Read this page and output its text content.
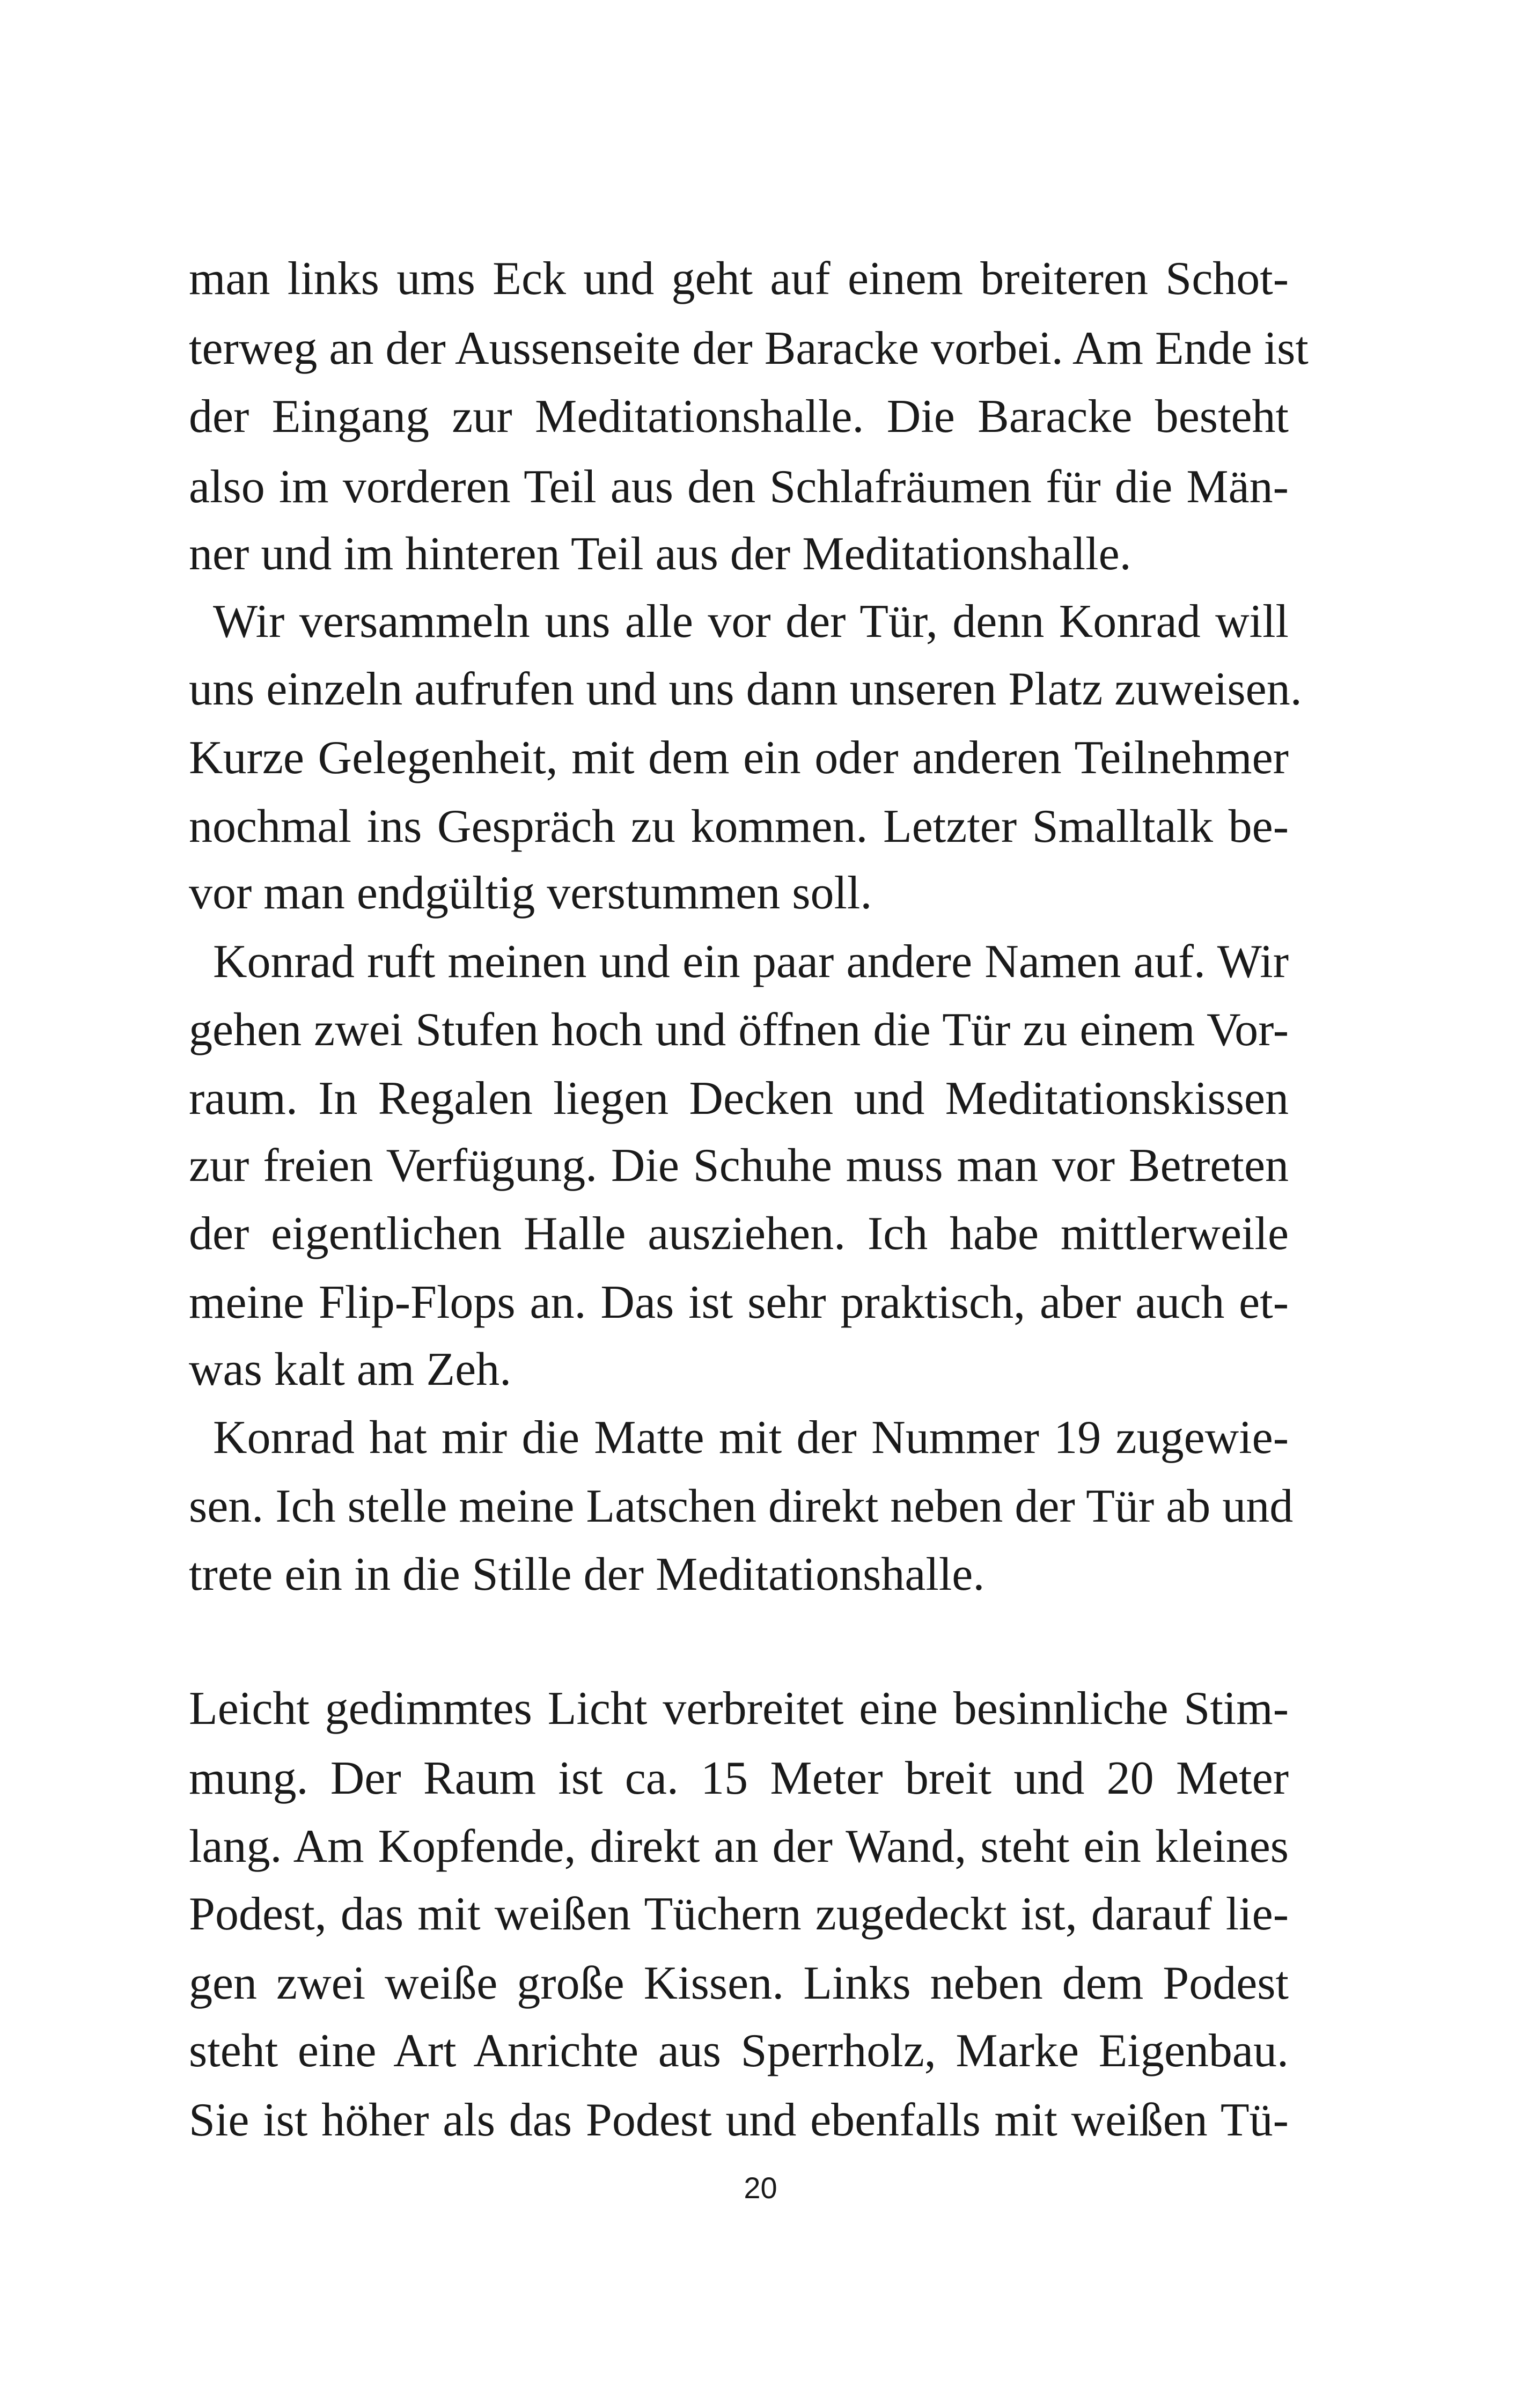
man links ums Eck und geht auf einem breiteren Schot-
terweg an der Aussenseite der Baracke vorbei. Am Ende ist
der Eingang zur Meditationshalle. Die Baracke besteht
also im vorderen Teil aus den Schlafräumen für die Män-
ner und im hinteren Teil aus der Meditationshalle.
Wir versammeln uns alle vor der Tür, denn Konrad will
uns einzeln aufrufen und uns dann unseren Platz zuweisen.
Kurze Gelegenheit, mit dem ein oder anderen Teilnehmer
nochmal ins Gespräch zu kommen. Letzter Smalltalk be-
vor man endgültig verstummen soll.
Konrad ruft meinen und ein paar andere Namen auf. Wir
gehen zwei Stufen hoch und öffnen die Tür zu einem Vor-
raum. In Regalen liegen Decken und Meditationskissen
zur freien Verfügung. Die Schuhe muss man vor Betreten
der eigentlichen Halle ausziehen. Ich habe mittlerweile
meine Flip-Flops an. Das ist sehr praktisch, aber auch et-
was kalt am Zeh.
Konrad hat mir die Matte mit der Nummer 19 zugewie-
sen. Ich stelle meine Latschen direkt neben der Tür ab und
trete ein in die Stille der Meditationshalle.
Leicht gedimmtes Licht verbreitet eine besinnliche Stim-
mung. Der Raum ist ca. 15 Meter breit und 20 Meter
lang. Am Kopfende, direkt an der Wand, steht ein kleines
Podest, das mit weißen Tüchern zugedeckt ist, darauf lie-
gen zwei weiße große Kissen. Links neben dem Podest
steht eine Art Anrichte aus Sperrholz, Marke Eigenbau.
Sie ist höher als das Podest und ebenfalls mit weißen Tü-
20
